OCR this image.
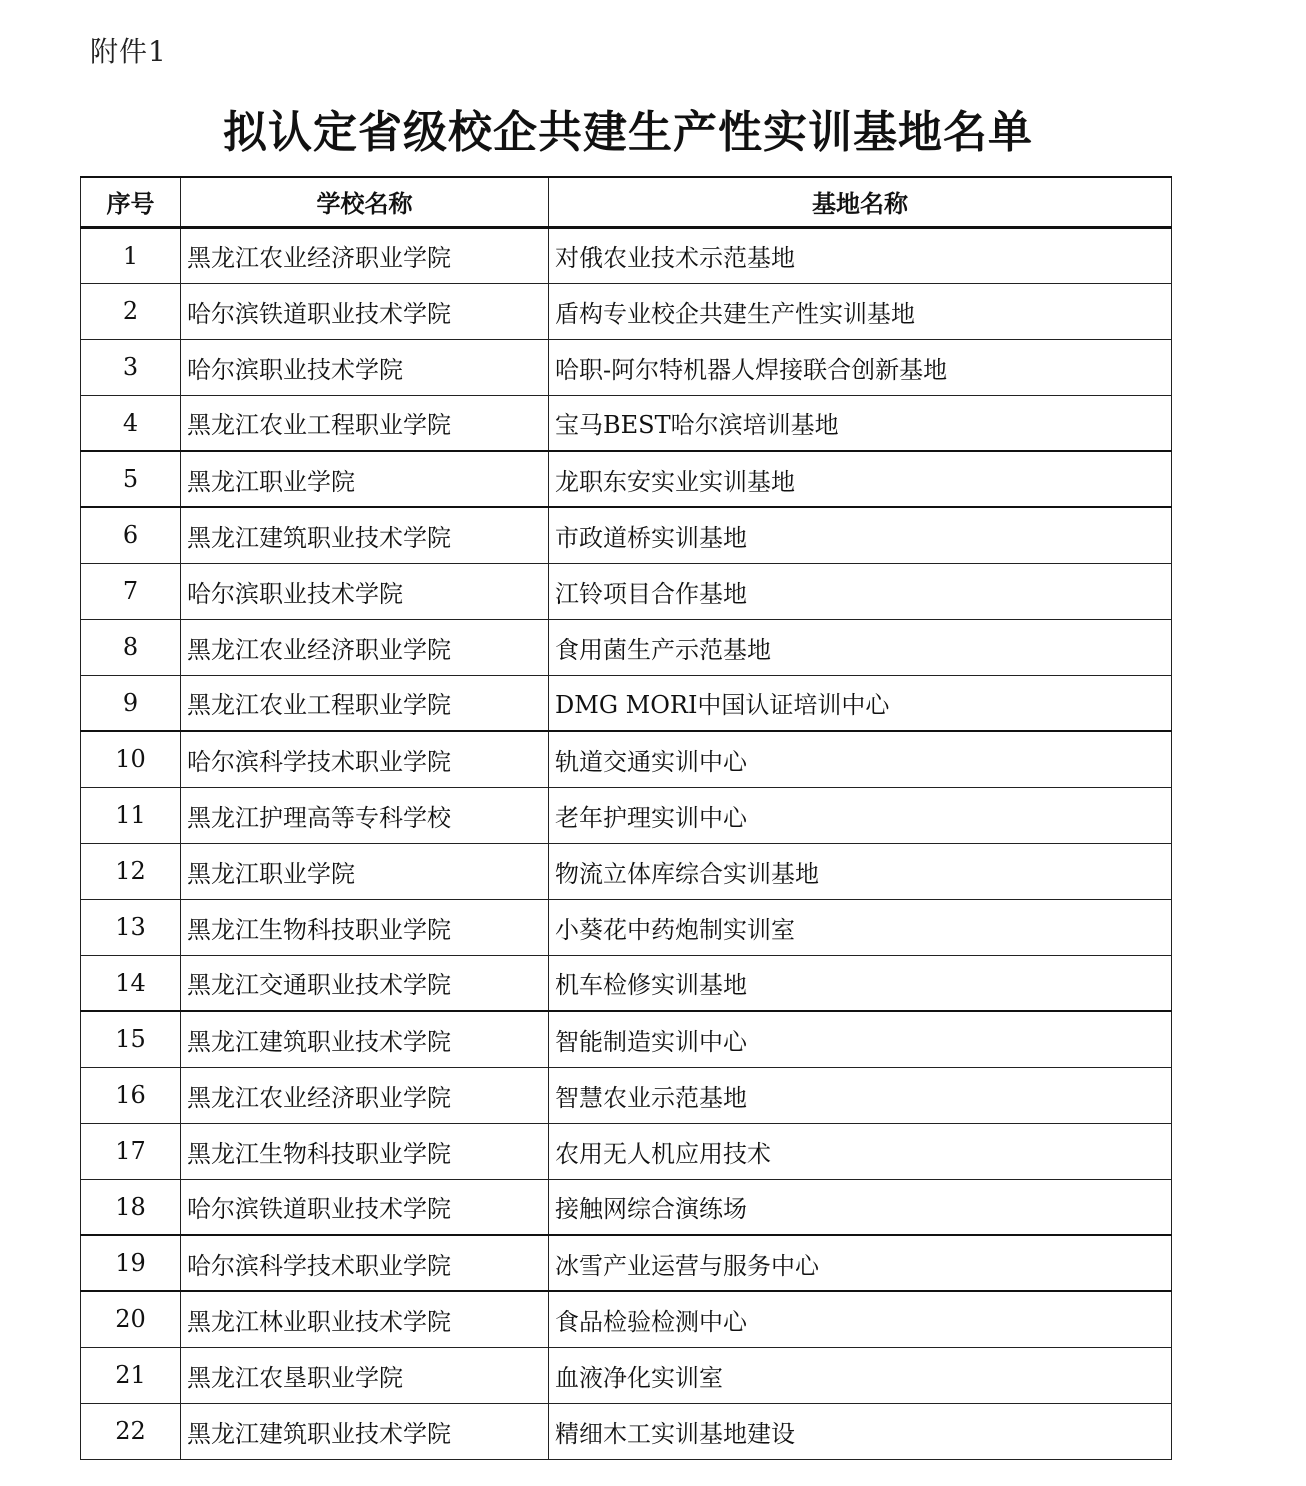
附件1
拟认定省级校企共建生产性实训基地名单
序号	学校名称	基地名称
1	黑龙江农业经济职业学院	对俄农业技术示范基地
2	哈尔滨铁道职业技术学院	盾构专业校企共建生产性实训基地
3	哈尔滨职业技术学院	哈职-阿尔特机器人焊接联合创新基地
4	黑龙江农业工程职业学院	宝马BEST哈尔滨培训基地
5	黑龙江职业学院	龙职东安实业实训基地
6	黑龙江建筑职业技术学院	市政道桥实训基地
7	哈尔滨职业技术学院	江铃项目合作基地
8	黑龙江农业经济职业学院	食用菌生产示范基地
9	黑龙江农业工程职业学院	DMG MORI中国认证培训中心
10	哈尔滨科学技术职业学院	轨道交通实训中心
11	黑龙江护理高等专科学校	老年护理实训中心
12	黑龙江职业学院	物流立体库综合实训基地
13	黑龙江生物科技职业学院	小葵花中药炮制实训室
14	黑龙江交通职业技术学院	机车检修实训基地
15	黑龙江建筑职业技术学院	智能制造实训中心
16	黑龙江农业经济职业学院	智慧农业示范基地
17	黑龙江生物科技职业学院	农用无人机应用技术
18	哈尔滨铁道职业技术学院	接触网综合演练场
19	哈尔滨科学技术职业学院	冰雪产业运营与服务中心
20	黑龙江林业职业技术学院	食品检验检测中心
21	黑龙江农垦职业学院	血液净化实训室
22	黑龙江建筑职业技术学院	精细木工实训基地建设
